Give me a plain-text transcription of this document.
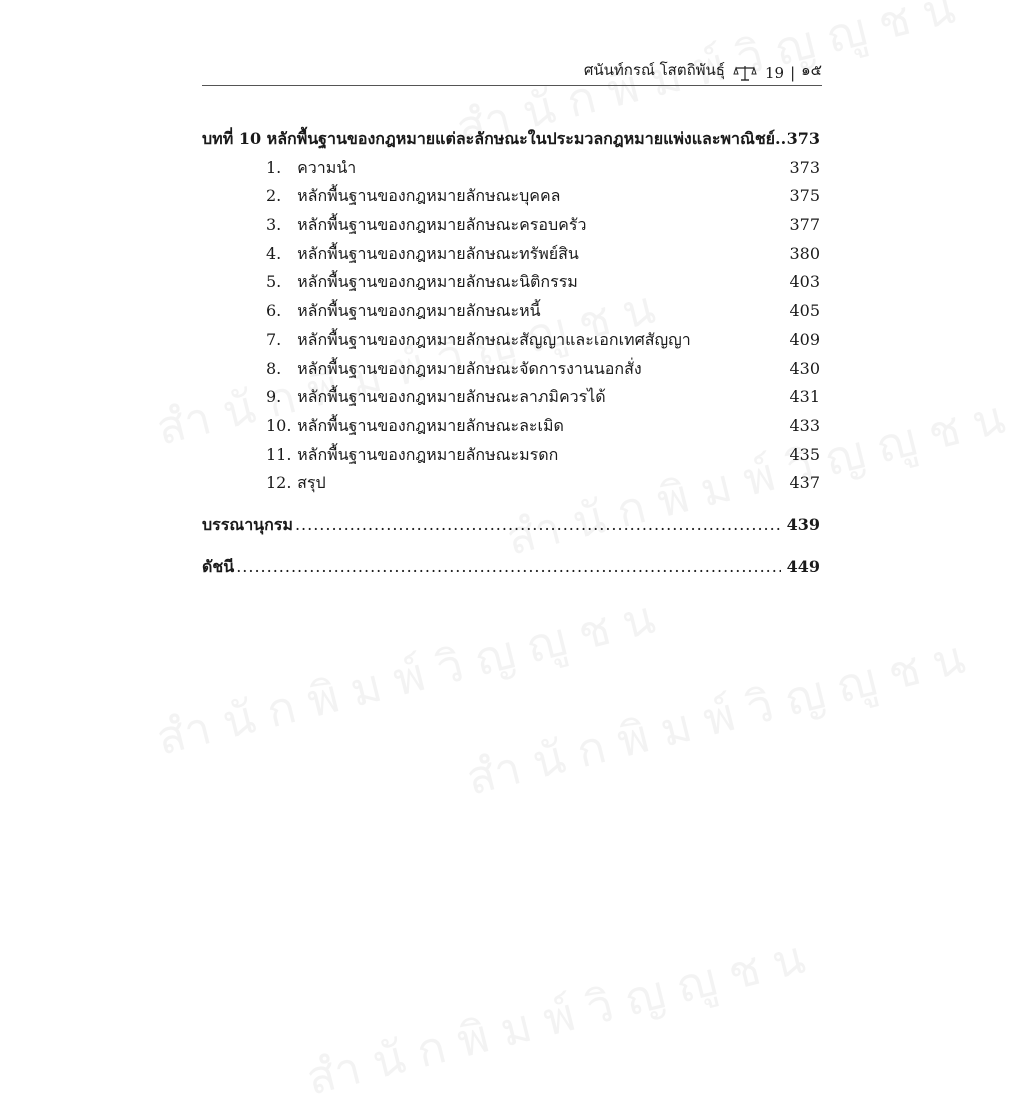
ศนันท์กรณ์ โสตถิพันธุ์	19 | ๑๕
บทที่ 10 หลักพื้นฐานของกฎหมายแต่ละลักษณะในประมวลกฎหมายแพ่งและพาณิชย์.. 373
1. ความนำ	373
2. หลักพื้นฐานของกฎหมายลักษณะบุคคล	375
3. หลักพื้นฐานของกฎหมายลักษณะครอบครัว	377
4. หลักพื้นฐานของกฎหมายลักษณะทรัพย์สิน	380
5. หลักพื้นฐานของกฎหมายลักษณะนิติกรรม	403
6. หลักพื้นฐานของกฎหมายลักษณะหนี้	405
7. หลักพื้นฐานของกฎหมายลักษณะสัญญาและเอกเทศสัญญา	409
8. หลักพื้นฐานของกฎหมายลักษณะจัดการงานนอกสั่ง	430
9. หลักพื้นฐานของกฎหมายลักษณะลาภมิควรได้	431
10. หลักพื้นฐานของกฎหมายลักษณะละเมิด	433
11. หลักพื้นฐานของกฎหมายลักษณะมรดก	435
12. สรุป	437
บรรณานุกรม .....	439
ดัชนี .....	449
